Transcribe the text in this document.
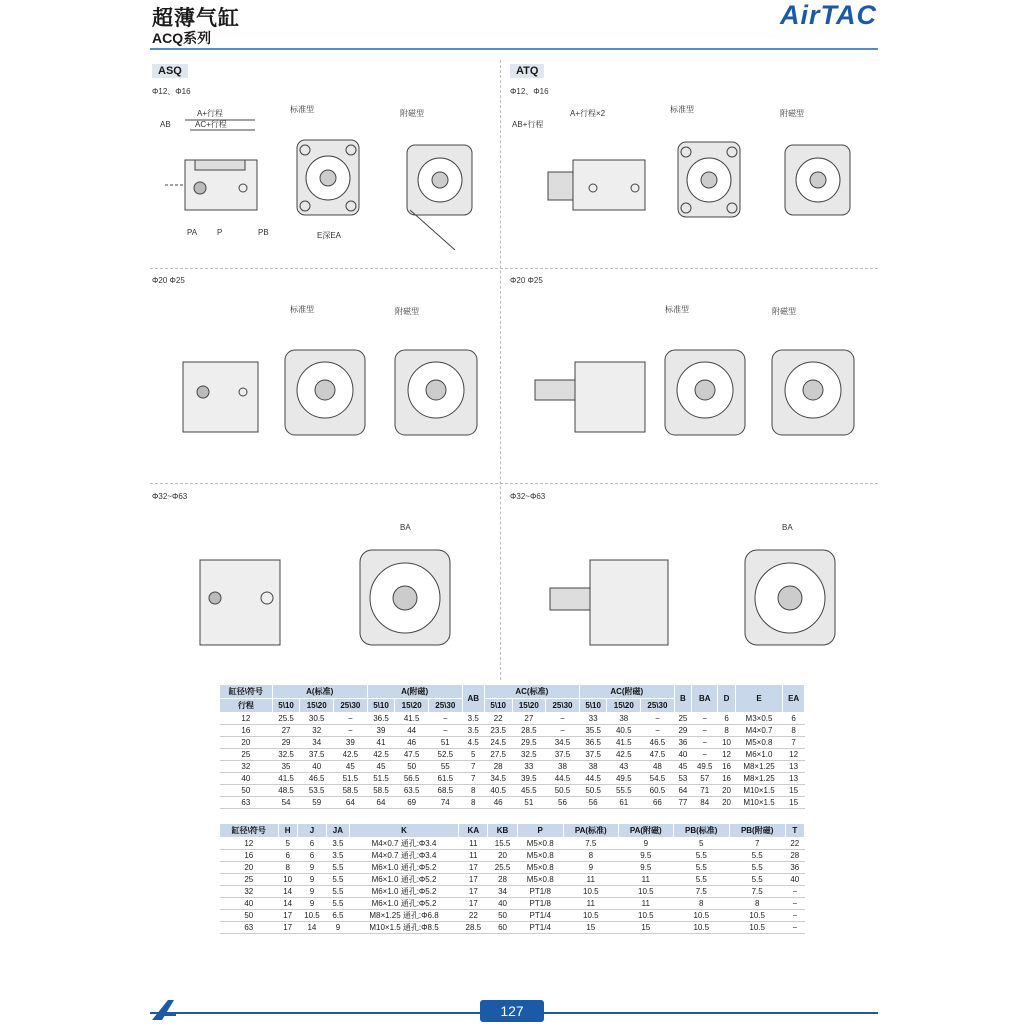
超薄气缸
ACQ系列
AirTAC
ASQ	ATQ
Φ12、Φ16	Φ12、Φ16
Φ20 Φ25	Φ20 Φ25
Φ32~Φ63	Φ32~Φ63
A+行程
AC+行程
AB
标准型	附磁型
PA P	PB	E深EA
A+行程×2
AB+行程
标准型	附磁型
标准型	附磁型	标准型	附磁型
BA	BA
缸径\符号	A(标准)			A(附磁)			AB	AC(标准)			AC(附磁)			B	BA	D	E	EA
行程	5\10	15\20	25\30	5\10	15\20	25\30		5\10	15\20	25\30	5\10	15\20	25\30					
12	25.5	30.5	−	36.5	41.5	−	3.5	22	27	−	33	38	−	25	−	6	M3×0.5	6
16	27	32	−	39	44	−	3.5	23.5	28.5	−	35.5	40.5	−	29	−	8	M4×0.7	8
20	29	34	39	41	46	51	4.5	24.5	29.5	34.5	36.5	41.5	46.5	36	−	10	M5×0.8	7
25	32.5	37.5	42.5	42.5	47.5	52.5	5	27.5	32.5	37.5	37.5	42.5	47.5	40	−	12	M6×1.0	12
32	35	40	45	45	50	55	7	28	33	38	38	43	48	45	49.5	16	M8×1.25	13
40	41.5	46.5	51.5	51.5	56.5	61.5	7	34.5	39.5	44.5	44.5	49.5	54.5	53	57	16	M8×1.25	13
50	48.5	53.5	58.5	58.5	63.5	68.5	8	40.5	45.5	50.5	50.5	55.5	60.5	64	71	20	M10×1.5	15
63	54	59	64	64	69	74	8	46	51	56	56	61	66	77	84	20	M10×1.5	15
缸径\符号	H	J	JA	K	KA	KB	P	PA(标准)	PA(附磁)	PB(标准)	PB(附磁)	T
12	5	6	3.5	M4×0.7 通孔:Φ3.4	11	15.5	M5×0.8	7.5	9	5	7	22
16	6	6	3.5	M4×0.7 通孔:Φ3.4	11	20	M5×0.8	8	9.5	5.5	5.5	28
20	8	9	5.5	M6×1.0 通孔:Φ5.2	17	25.5	M5×0.8	9	9.5	5.5	5.5	36
25	10	9	5.5	M6×1.0 通孔:Φ5.2	17	28	M5×0.8	11	11	5.5	5.5	40
32	14	9	5.5	M6×1.0 通孔:Φ5.2	17	34	PT1/8	10.5	10.5	7.5	7.5	−
40	14	9	5.5	M6×1.0 通孔:Φ5.2	17	40	PT1/8	11	11	8	8	−
50	17	10.5	6.5	M8×1.25 通孔:Φ6.8	22	50	PT1/4	10.5	10.5	10.5	10.5	−
63	17	14	9	M10×1.5 通孔:Φ8.5	28.5	60	PT1/4	15	15	10.5	10.5	−
127
